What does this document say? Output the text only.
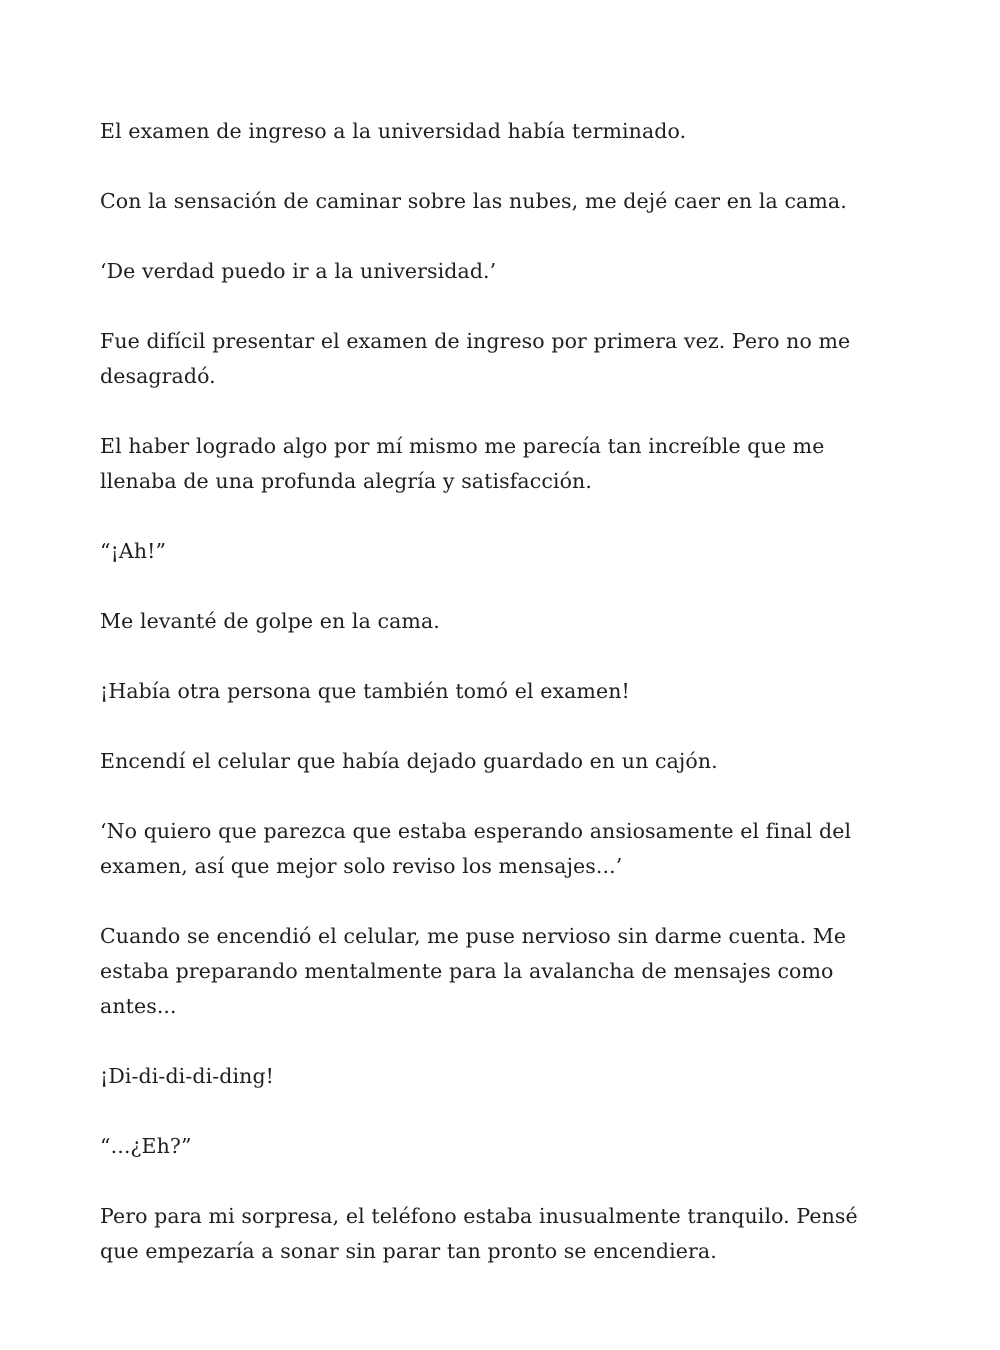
El examen de ingreso a la universidad había terminado.

Con la sensación de caminar sobre las nubes, me dejé caer en la cama.

‘De verdad puedo ir a la universidad.’

Fue difícil presentar el examen de ingreso por primera vez. Pero no me desagradó.

El haber logrado algo por mí mismo me parecía tan increíble que me llenaba de una profunda alegría y satisfacción.

“¡Ah!”

Me levanté de golpe en la cama.

¡Había otra persona que también tomó el examen!

Encendí el celular que había dejado guardado en un cajón.

‘No quiero que parezca que estaba esperando ansiosamente el final del examen, así que mejor solo reviso los mensajes...’

Cuando se encendió el celular, me puse nervioso sin darme cuenta. Me estaba preparando mentalmente para la avalancha de mensajes como antes...

¡Di-di-di-di-ding!

“...¿Eh?”

Pero para mi sorpresa, el teléfono estaba inusualmente tranquilo. Pensé que empezaría a sonar sin parar tan pronto se encendiera.
